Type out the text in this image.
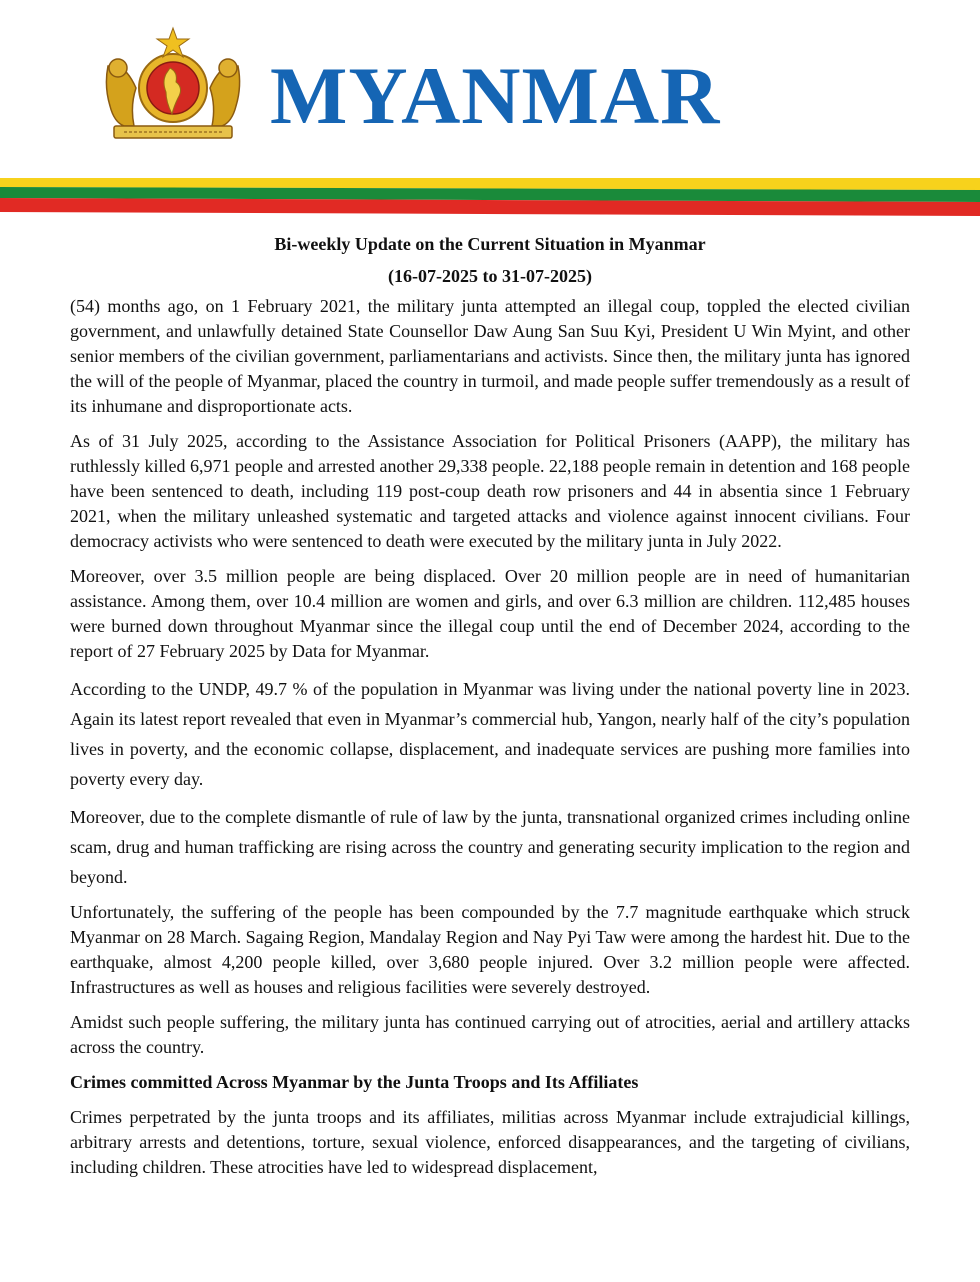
MYANMAR
Bi-weekly Update on the Current Situation in Myanmar
(16-07-2025 to 31-07-2025)

(54) months ago, on 1 February 2021, the military junta attempted an illegal coup, toppled the elected civilian government, and unlawfully detained State Counsellor Daw Aung San Suu Kyi, President U Win Myint, and other senior members of the civilian government, parliamentarians and activists. Since then, the military junta has ignored the will of the people of Myanmar, placed the country in turmoil, and made people suffer tremendously as a result of its inhumane and disproportionate acts.

As of 31 July 2025, according to the Assistance Association for Political Prisoners (AAPP), the military has ruthlessly killed 6,971 people and arrested another 29,338 people. 22,188 people remain in detention and 168 people have been sentenced to death, including 119 post-coup death row prisoners and 44 in absentia since 1 February 2021, when the military unleashed systematic and targeted attacks and violence against innocent civilians. Four democracy activists who were sentenced to death were executed by the military junta in July 2022.

Moreover, over 3.5 million people are being displaced. Over 20 million people are in need of humanitarian assistance. Among them, over 10.4 million are women and girls, and over 6.3 million are children. 112,485 houses were burned down throughout Myanmar since the illegal coup until the end of December 2024, according to the report of 27 February 2025 by Data for Myanmar.

According to the UNDP, 49.7 % of the population in Myanmar was living under the national poverty line in 2023. Again its latest report revealed that even in Myanmar’s commercial hub, Yangon, nearly half of the city’s population lives in poverty, and the economic collapse, displacement, and inadequate services are pushing more families into poverty every day.

Moreover, due to the complete dismantle of rule of law by the junta, transnational organized crimes including online scam, drug and human trafficking are rising across the country and generating security implication to the region and beyond.

Unfortunately, the suffering of the people has been compounded by the 7.7 magnitude earthquake which struck Myanmar on 28 March. Sagaing Region, Mandalay Region and Nay Pyi Taw were among the hardest hit. Due to the earthquake, almost 4,200 people killed, over 3,680 people injured. Over 3.2 million people were affected. Infrastructures as well as houses and religious facilities were severely destroyed.

Amidst such people suffering, the military junta has continued carrying out of atrocities, aerial and artillery attacks across the country.

Crimes committed Across Myanmar by the Junta Troops and Its Affiliates

Crimes perpetrated by the junta troops and its affiliates, militias across Myanmar include extrajudicial killings, arbitrary arrests and detentions, torture, sexual violence, enforced disappearances, and the targeting of civilians, including children. These atrocities have led to widespread displacement,
